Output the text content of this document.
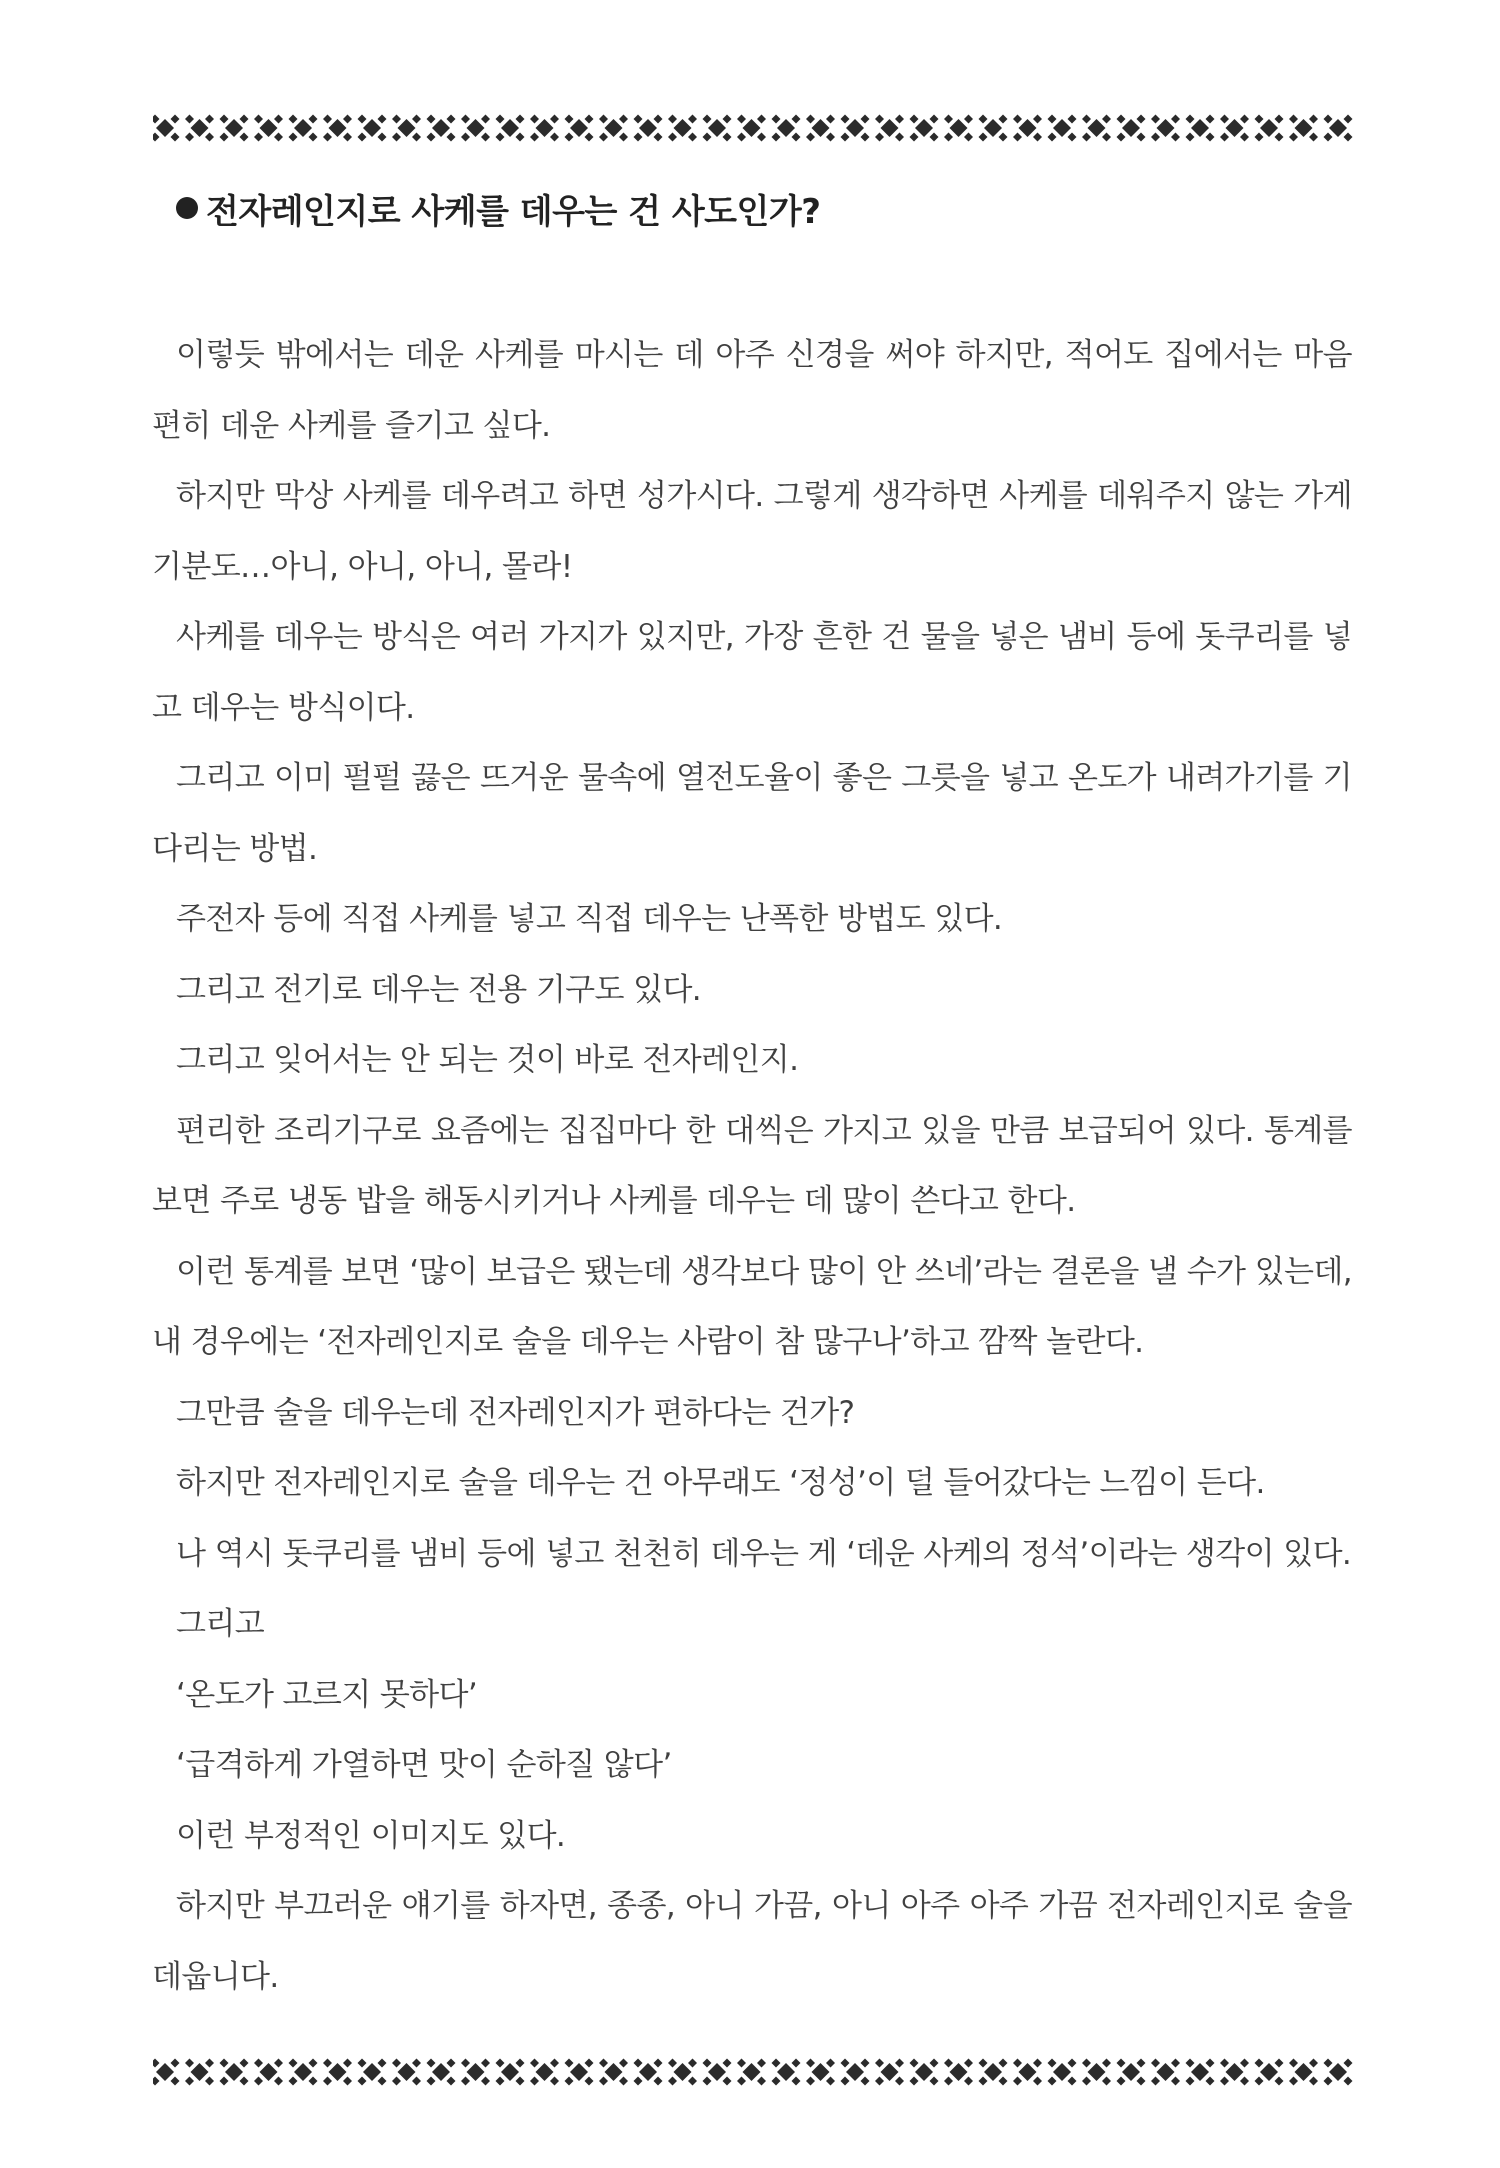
전자레인지로 사케를 데우는 건 사도인가?

이렇듯 밖에서는 데운 사케를 마시는 데 아주 신경을 써야 하지만, 적어도 집에서는 마음 편히 데운 사케를 즐기고 싶다.

하지만 막상 사케를 데우려고 하면 성가시다. 그렇게 생각하면 사케를 데워주지 않는 가게 기분도…아니, 아니, 아니, 몰라!

사케를 데우는 방식은 여러 가지가 있지만, 가장 흔한 건 물을 넣은 냄비 등에 돗쿠리를 넣고 데우는 방식이다.

그리고 이미 펄펄 끓은 뜨거운 물속에 열전도율이 좋은 그릇을 넣고 온도가 내려가기를 기다리는 방법.

주전자 등에 직접 사케를 넣고 직접 데우는 난폭한 방법도 있다.

그리고 전기로 데우는 전용 기구도 있다.

그리고 잊어서는 안 되는 것이 바로 전자레인지.

편리한 조리기구로 요즘에는 집집마다 한 대씩은 가지고 있을 만큼 보급되어 있다. 통계를 보면 주로 냉동 밥을 해동시키거나 사케를 데우는 데 많이 쓴다고 한다.

이런 통계를 보면 ‘많이 보급은 됐는데 생각보다 많이 안 쓰네’라는 결론을 낼 수가 있는데, 내 경우에는 ‘전자레인지로 술을 데우는 사람이 참 많구나’하고 깜짝 놀란다.

그만큼 술을 데우는데 전자레인지가 편하다는 건가?

하지만 전자레인지로 술을 데우는 건 아무래도 ‘정성’이 덜 들어갔다는 느낌이 든다.

나 역시 돗쿠리를 냄비 등에 넣고 천천히 데우는 게 ‘데운 사케의 정석’이라는 생각이 있다.

그리고

‘온도가 고르지 못하다’

‘급격하게 가열하면 맛이 순하질 않다’

이런 부정적인 이미지도 있다.

하지만 부끄러운 얘기를 하자면, 종종, 아니 가끔, 아니 아주 아주 가끔 전자레인지로 술을 데웁니다.
